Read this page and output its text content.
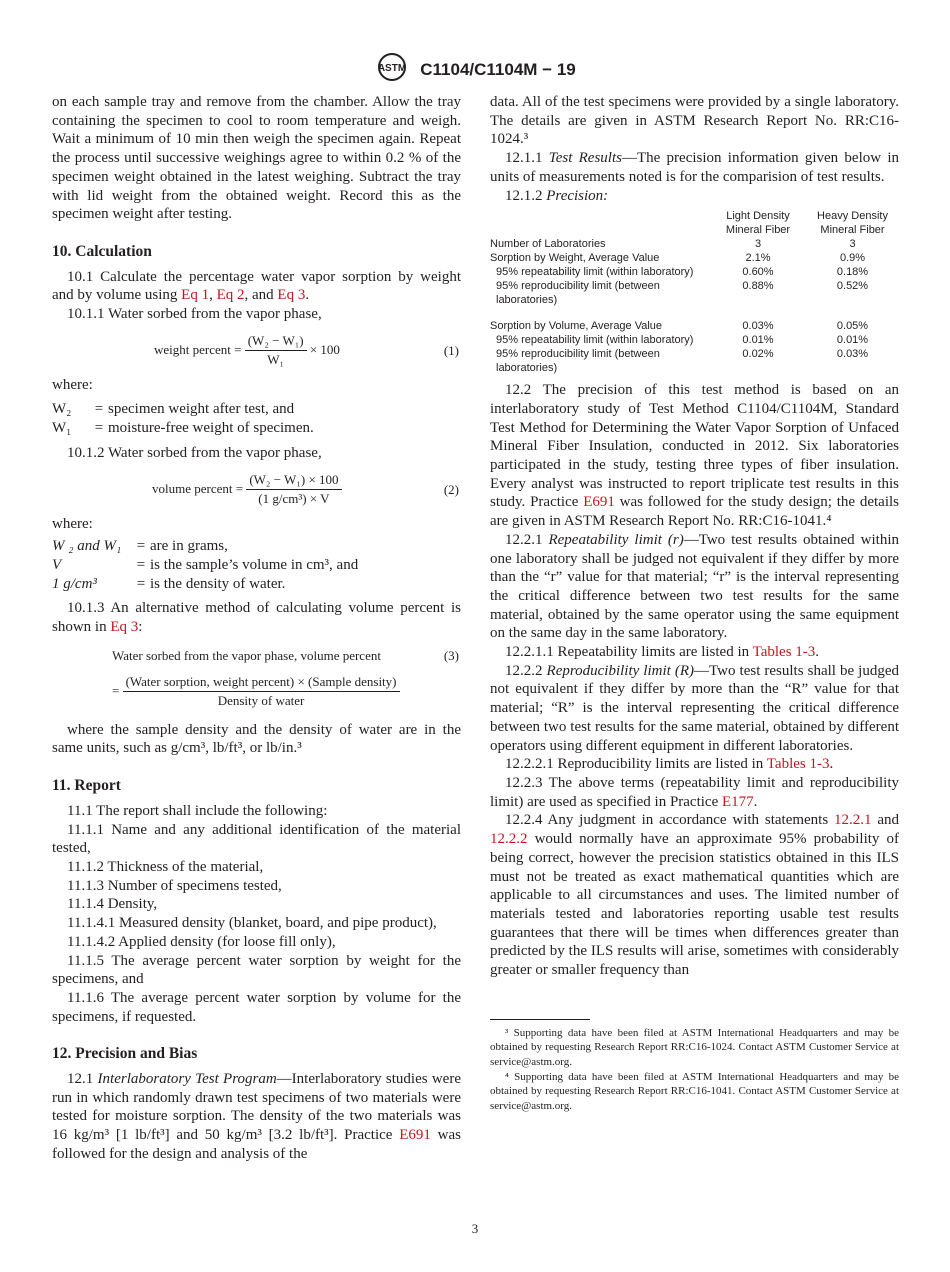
ASTM C1104/C1104M − 19

on each sample tray and remove from the chamber. Allow the tray containing the specimen to cool to room temperature and weigh. Wait a minimum of 10 min then weigh the specimen again. Repeat the process until successive weighings agree to within 0.2 % of the specimen weight obtained in the latest weighing. Subtract the tray with lid weight from the obtained weight. Record this as the specimen weight after testing.

10. Calculation

10.1 Calculate the percentage water vapor sorption by weight and by volume using Eq 1, Eq 2, and Eq 3.

10.1.1 Water sorbed from the vapor phase,

weight percent = $\frac{\text{(W₂ − W₁)}}{\text{W₁}} \times 100$	(1)

where:

W₂	=	specimen weight after test, and
W₁	=	moisture-free weight of specimen.

10.1.2 Water sorbed from the vapor phase,

volume percent = $\frac{\text{(W₂ − W₁) × 100}}{\text{(1 g/cm³) × V}}$	(2)

where:

W ₂ and W₁	=	are in grams,
V	=	is the sample’s volume in cm³, and
1 g/cm³	=	is the density of water.

10.1.3 An alternative method of calculating volume percent is shown in Eq 3:

Water sorbed from the vapor phase, volume percent	(3)
= $\frac{\text{(Water sorption, weight percent) × (Sample density)}}{\text{Density of water}}$

where the sample density and the density of water are in the same units, such as g/cm³, lb/ft³, or lb/in.³

11. Report

11.1 The report shall include the following:

11.1.1 Name and any additional identification of the material tested,

11.1.2 Thickness of the material,

11.1.3 Number of specimens tested,

11.1.4 Density,

11.1.4.1 Measured density (blanket, board, and pipe product),

11.1.4.2 Applied density (for loose fill only),

11.1.5 The average percent water sorption by weight for the specimens, and

11.1.6 The average percent water sorption by volume for the specimens, if requested.

12. Precision and Bias

12.1 Interlaboratory Test Program—Interlaboratory studies were run in which randomly drawn test specimens of two materials were tested for moisture sorption. The density of the two materials was 16 kg/m³ [1 lb/ft³] and 50 kg/m³ [3.2 lb/ft³]. Practice E691 was followed for the design and analysis of the

data. All of the test specimens were provided by a single laboratory. The details are given in ASTM Research Report No. RR:C16-1024.³

12.1.1 Test Results—The precision information given below in units of measurements noted is for the comparision of test results.

12.1.2 Precision:

	Light Density Mineral Fiber	Heavy Density Mineral Fiber
Number of Laboratories	3	3
Sorption by Weight, Average Value	2.1%	0.9%
95% repeatability limit (within laboratory)	0.60%	0.18%
95% reproducibility limit (between laboratories)	0.88%	0.52%

Sorption by Volume, Average Value	0.03%	0.05%
95% repeatability limit (within laboratory)	0.01%	0.01%
95% reproducibility limit (between laboratories)	0.02%	0.03%

12.2 The precision of this test method is based on an interlaboratory study of Test Method C1104/C1104M, Standard Test Method for Determining the Water Vapor Sorption of Unfaced Mineral Fiber Insulation, conducted in 2012. Six laboratories participated in the study, testing three types of fiber insulation. Every analyst was instructed to report triplicate test results in this study. Practice E691 was followed for the study design; the details are given in ASTM Research Report No. RR:C16-1041.⁴

12.2.1 Repeatability limit (r)—Two test results obtained within one laboratory shall be judged not equivalent if they differ by more than the “r” value for that material; “r” is the interval representing the critical difference between two test results for the same material, obtained by the same operator using the same equipment on the same day in the same laboratory.

12.2.1.1 Repeatability limits are listed in Tables 1-3.

12.2.2 Reproducibility limit (R)—Two test results shall be judged not equivalent if they differ by more than the “R” value for that material; “R” is the interval representing the critical difference between two test results for the same material, obtained by different operators using different equipment in different laboratories.

12.2.2.1 Reproducibility limits are listed in Tables 1-3.

12.2.3 The above terms (repeatability limit and reproducibility limit) are used as specified in Practice E177.

12.2.4 Any judgment in accordance with statements 12.2.1 and 12.2.2 would normally have an approximate 95% probability of being correct, however the precision statistics obtained in this ILS must not be treated as exact mathematical quantities which are applicable to all circumstances and uses. The limited number of materials tested and laboratories reporting usable test results guarantees that there will be times when differences greater than predicted by the ILS results will arise, sometimes with considerably greater or smaller frequency than

³ Supporting data have been filed at ASTM International Headquarters and may be obtained by requesting Research Report RR:C16-1024. Contact ASTM Customer Service at service@astm.org.

⁴ Supporting data have been filed at ASTM International Headquarters and may be obtained by requesting Research Report RR:C16-1041. Contact ASTM Customer Service at service@astm.org.

3
